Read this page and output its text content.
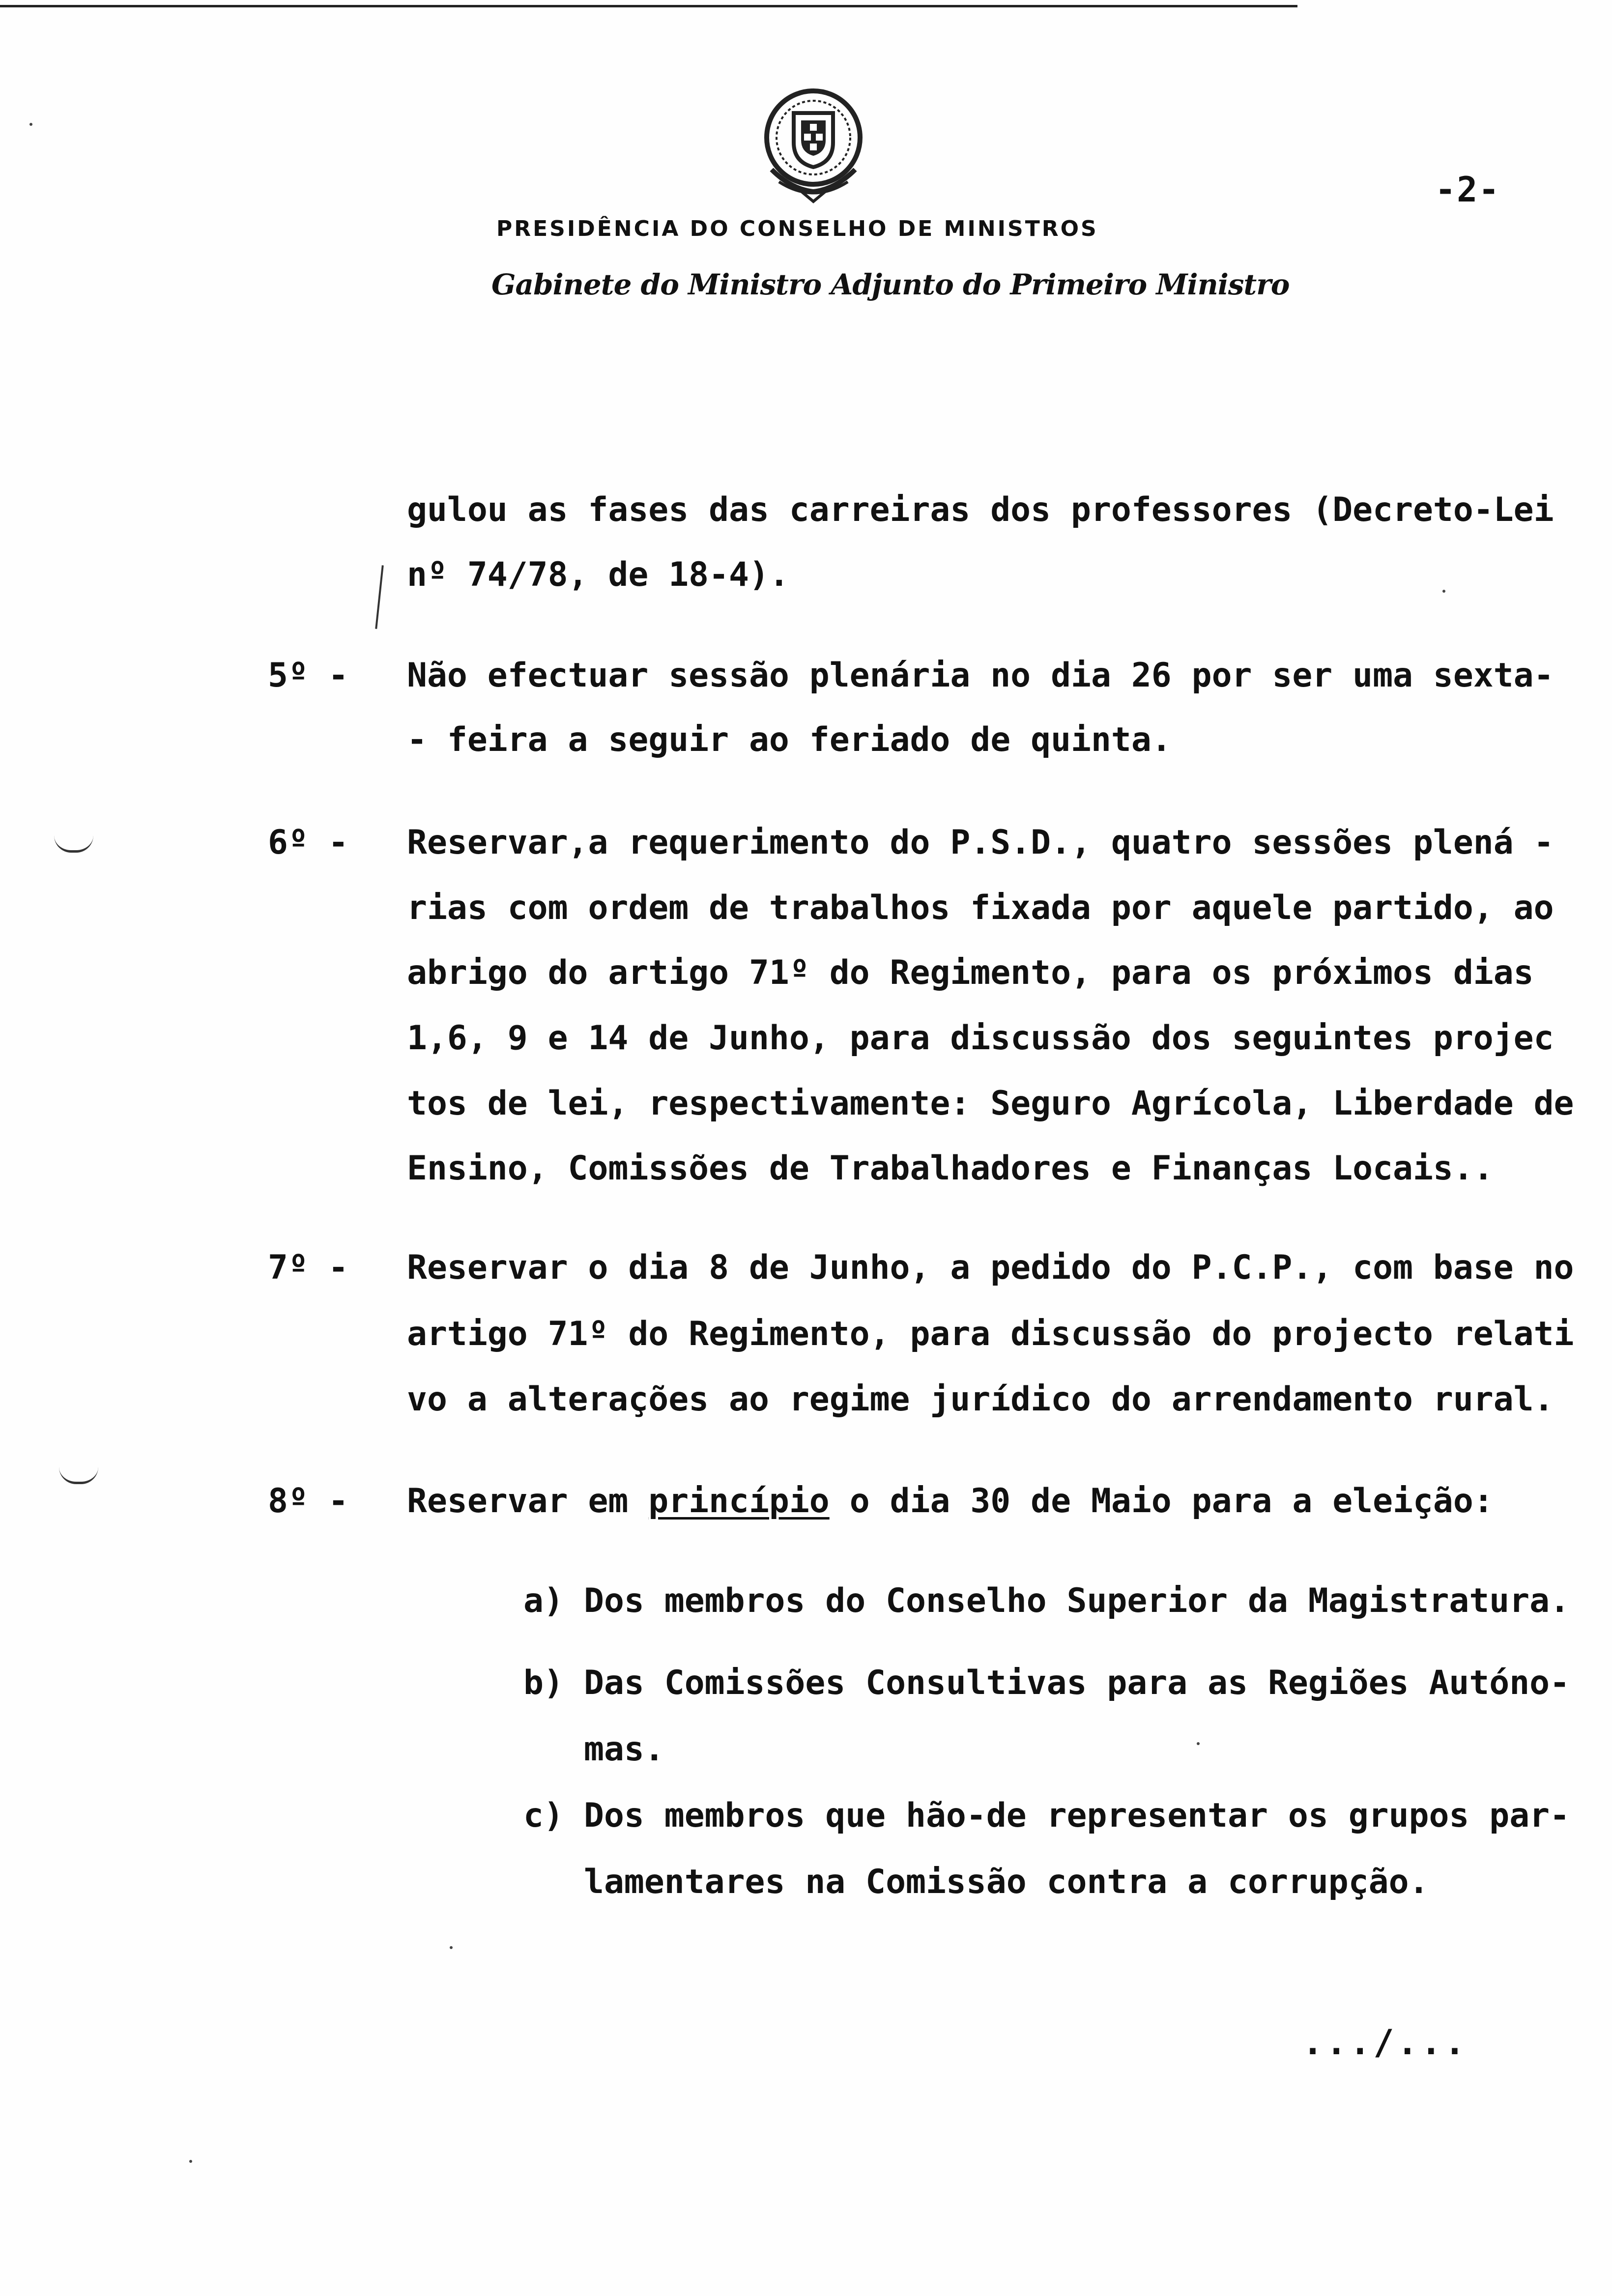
-2-
PRESIDÊNCIA DO CONSELHO DE MINISTROS
Gabinete do Ministro Adjunto do Primeiro Ministro
gulou as fases das carreiras dos professores (Decreto-Lei
nº 74/78, de 18-4).
5º - Não efectuar sessão plenária no dia 26 por ser uma sexta-
- feira a seguir ao feriado de quinta.
6º - Reservar,a requerimento do P.S.D., quatro sessões plená -
rias com ordem de trabalhos fixada por aquele partido, ao
abrigo do artigo 71º do Regimento, para os próximos dias
1,6, 9 e 14 de Junho, para discussão dos seguintes projec
tos de lei, respectivamente: Seguro Agrícola, Liberdade de
Ensino, Comissões de Trabalhadores e Finanças Locais..
7º - Reservar o dia 8 de Junho, a pedido do P.C.P., com base no
artigo 71º do Regimento, para discussão do projecto relati
vo a alterações ao regime jurídico do arrendamento rural.
8º - Reservar em princípio o dia 30 de Maio para a eleição:
a) Dos membros do Conselho Superior da Magistratura.
b) Das Comissões Consultivas para as Regiões Autóno-
mas.
c) Dos membros que hão-de representar os grupos par-
lamentares na Comissão contra a corrupção.
.../...
